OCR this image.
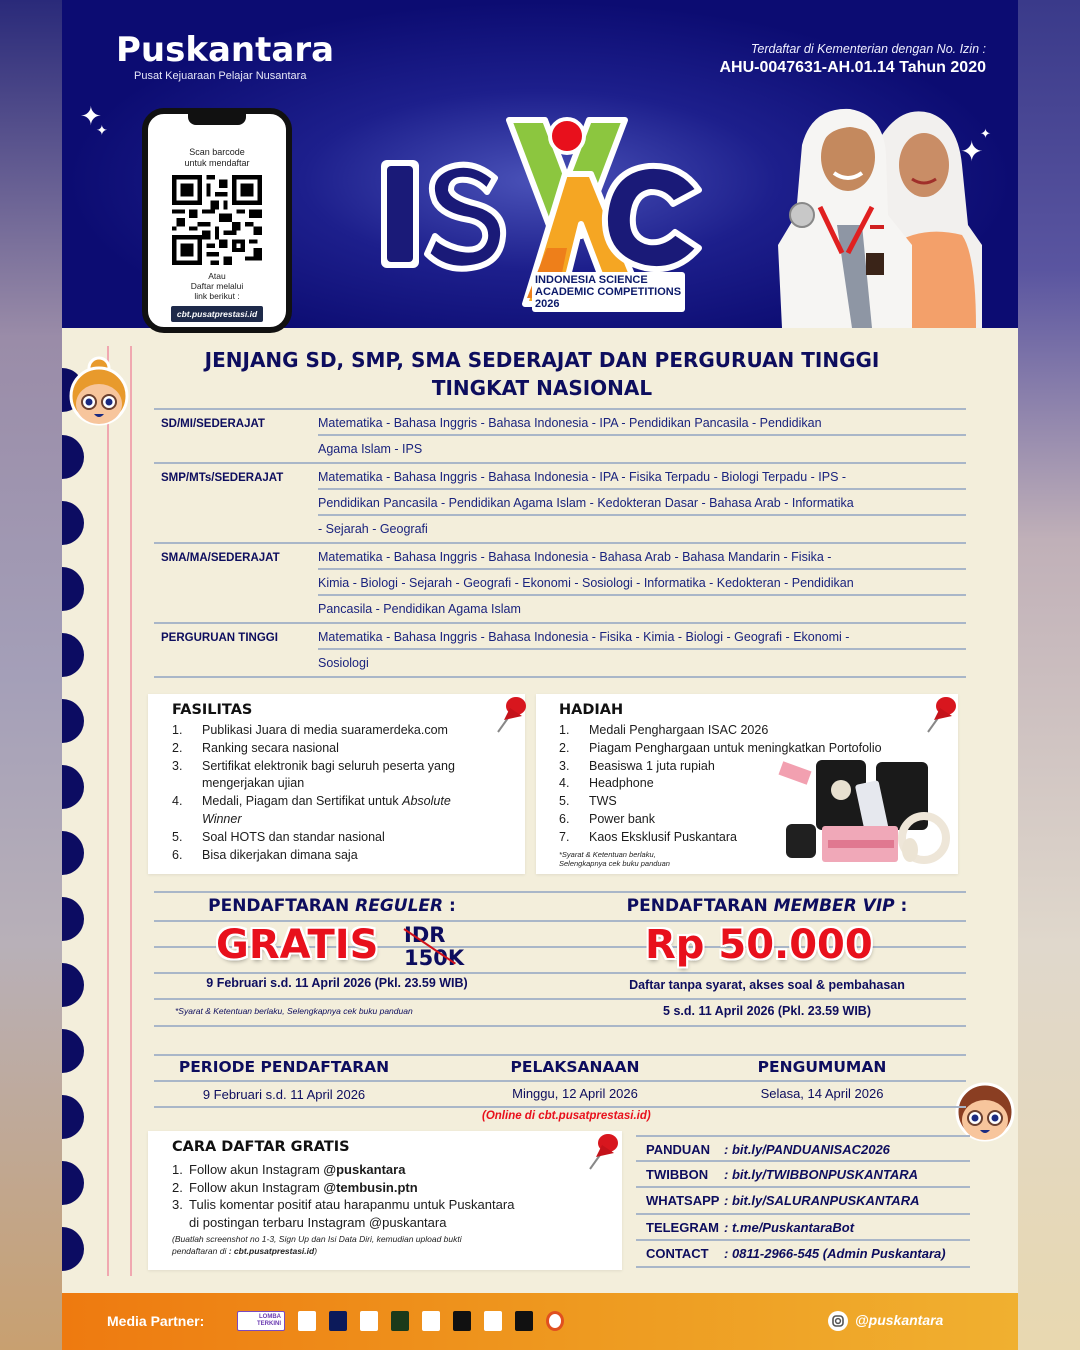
Puskantara
Pusat Kejuaraan Pelajar Nusantara
Terdaftar di Kementerian dengan No. Izin :
AHU-0047631-AH.01.14 Tahun 2020
✦
✦
✦
✦
Scan barcode
untuk mendaftar
Atau
Daftar melalui
link berikut :
cbt.pusatprestasi.id
INDONESIA SCIENCE
ACADEMIC COMPETITIONS
2026
JENJANG SD, SMP, SMA SEDERAJAT DAN PERGURUAN TINGGI
TINGKAT NASIONAL
SD/MI/SEDERAJAT	Matematika - Bahasa Inggris - Bahasa Indonesia - IPA - Pendidikan Pancasila - Pendidikan
Agama Islam - IPS
SMP/MTs/SEDERAJAT	Matematika - Bahasa Inggris - Bahasa Indonesia - IPA - Fisika Terpadu - Biologi Terpadu - IPS -
Pendidikan Pancasila - Pendidikan Agama Islam - Kedokteran Dasar - Bahasa Arab - Informatika
- Sejarah - Geografi
SMA/MA/SEDERAJAT	Matematika - Bahasa Inggris - Bahasa Indonesia - Bahasa Arab - Bahasa Mandarin - Fisika -
Kimia - Biologi - Sejarah - Geografi - Ekonomi - Sosiologi - Informatika - Kedokteran - Pendidikan
Pancasila - Pendidikan Agama Islam
PERGURUAN TINGGI	Matematika - Bahasa Inggris - Bahasa Indonesia - Fisika - Kimia - Biologi - Geografi - Ekonomi -
Sosiologi
FASILITAS
1.	Publikasi Juara di media suaramerdeka.com
2.	Ranking secara nasional
3.	Sertifikat elektronik bagi seluruh peserta yang
mengerjakan ujian
4.	Medali, Piagam dan Sertifikat untuk Absolute
Winner
5.	Soal HOTS dan standar nasional
6.	Bisa dikerjakan dimana saja
HADIAH
1.	Medali Penghargaan ISAC 2026
2.	Piagam Penghargaan untuk meningkatkan Portofolio
3.	Beasiswa 1 juta rupiah
4.	Headphone
5.	TWS
6.	Power bank
7.	Kaos Eksklusif Puskantara
*Syarat & Ketentuan berlaku,
Selengkapnya cek buku panduan
PENDAFTARAN REGULER :
GRATIS IDR
150K
9 Februari s.d. 11 April 2026 (Pkl. 23.59 WIB)
*Syarat & Ketentuan berlaku, Selengkapnya cek buku panduan
PENDAFTARAN MEMBER VIP :
Rp 50.000
Daftar tanpa syarat, akses soal & pembahasan
5 s.d. 11 April 2026 (Pkl. 23.59 WIB)
PERIODE PENDAFTARAN	PELAKSANAAN	PENGUMUMAN
9 Februari s.d. 11 April 2026	Minggu, 12 April 2026	Selasa, 14 April 2026
(Online di cbt.pusatprestasi.id)
CARA DAFTAR GRATIS
1. Follow akun Instagram @puskantara
2. Follow akun Instagram @tembusin.ptn
3. Tulis komentar positif atau harapanmu untuk Puskantara
di postingan terbaru Instagram @puskantara
(Buatlah screenshot no 1-3, Sign Up dan Isi Data Diri, kemudian upload bukti
pendaftaran di : cbt.pusatprestasi.id)
PANDUAN	: bit.ly/PANDUANISAC2026
TWIBBON	: bit.ly/TWIBBONPUSKANTARA
WHATSAPP : bit.ly/SALURANPUSKANTARA
TELEGRAM : t.me/PuskantaraBot
CONTACT	: 0811-2966-545 (Admin Puskantara)
Media Partner:	LOMBA TERKINI	@puskantara
